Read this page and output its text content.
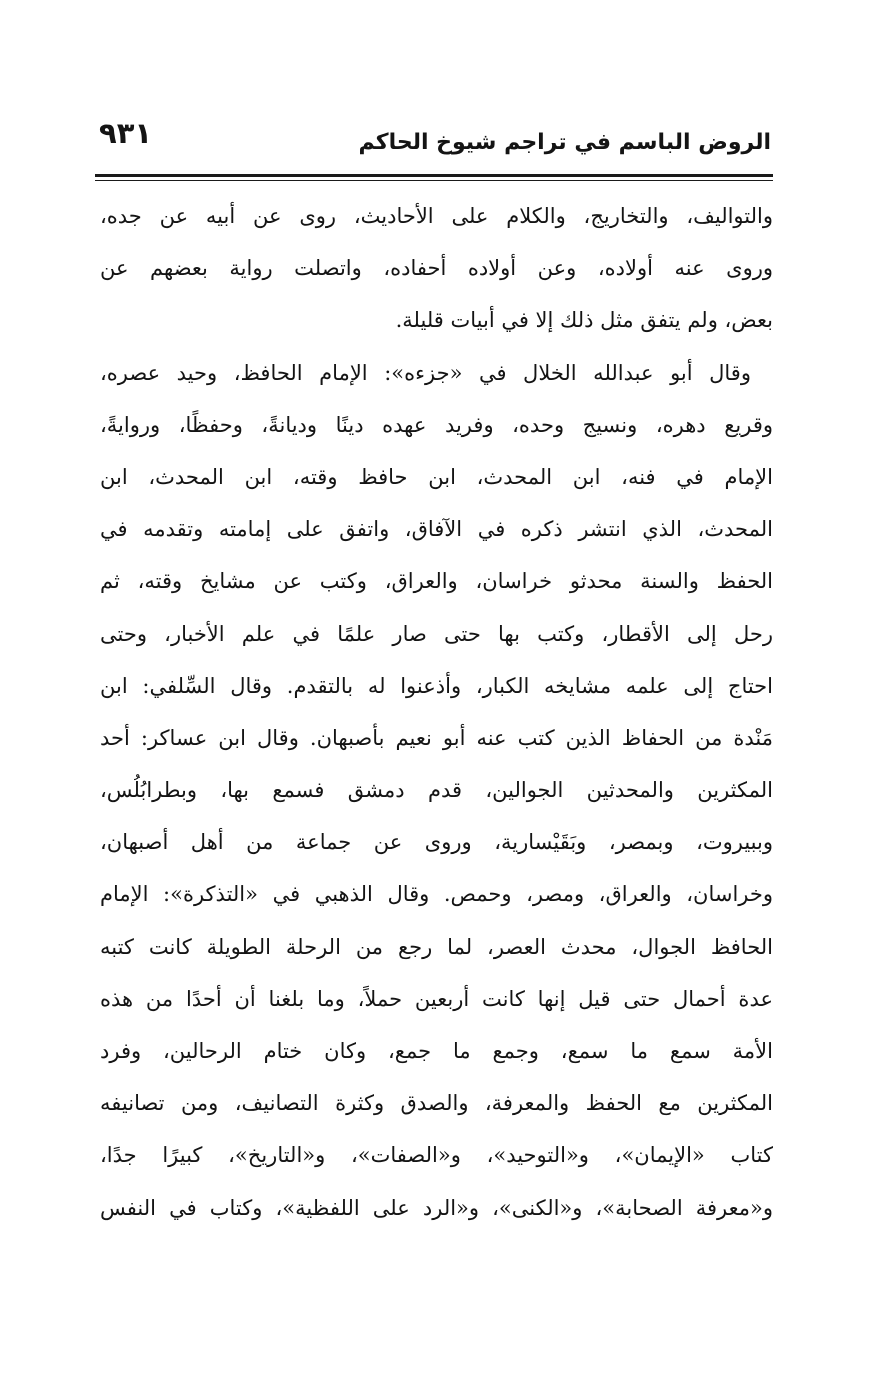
الروض الباسم في تراجم شيوخ الحاكم
٩٣١
والتواليف، والتخاريج، والكلام على الأحاديث، روى عن أبيه عن جده،
وروى عنه أولاده، وعن أولاده أحفاده، واتصلت رواية بعضهم عن
بعض، ولم يتفق مثل ذلك إلا في أبيات قليلة.
وقال أبو عبدالله الخلال في «جزءه»: الإمام الحافظ، وحيد عصره،
وقريع دهره، ونسيج وحده، وفريد عهده دينًا وديانةً، وحفظًا، وروايةً،
الإمام في فنه، ابن المحدث، ابن حافظ وقته، ابن المحدث، ابن
المحدث، الذي انتشر ذكره في الآفاق، واتفق على إمامته وتقدمه في
الحفظ والسنة محدثو خراسان، والعراق، وكتب عن مشايخ وقته، ثم
رحل إلى الأقطار، وكتب بها حتى صار علمًا في علم الأخبار، وحتى
احتاج إلى علمه مشايخه الكبار، وأذعنوا له بالتقدم. وقال السِّلفي: ابن
مَنْدة من الحفاظ الذين كتب عنه أبو نعيم بأصبهان. وقال ابن عساكر: أحد
المكثرين والمحدثين الجوالين، قدم دمشق فسمع بها، وبطرابُلُس،
وببيروت، وبمصر، وبَقَيْسارية، وروى عن جماعة من أهل أصبهان،
وخراسان، والعراق، ومصر، وحمص. وقال الذهبي في «التذكرة»: الإمام
الحافظ الجوال، محدث العصر، لما رجع من الرحلة الطويلة كانت كتبه
عدة أحمال حتى قيل إنها كانت أربعين حملاً، وما بلغنا أن أحدًا من هذه
الأمة سمع ما سمع، وجمع ما جمع، وكان ختام الرحالين، وفرد
المكثرين مع الحفظ والمعرفة، والصدق وكثرة التصانيف، ومن تصانيفه
كتاب «الإيمان»، و«التوحيد»، و«الصفات»، و«التاريخ»، كبيرًا جدًا،
و«معرفة الصحابة»، و«الكنى»، و«الرد على اللفظية»، وكتاب في النفس
